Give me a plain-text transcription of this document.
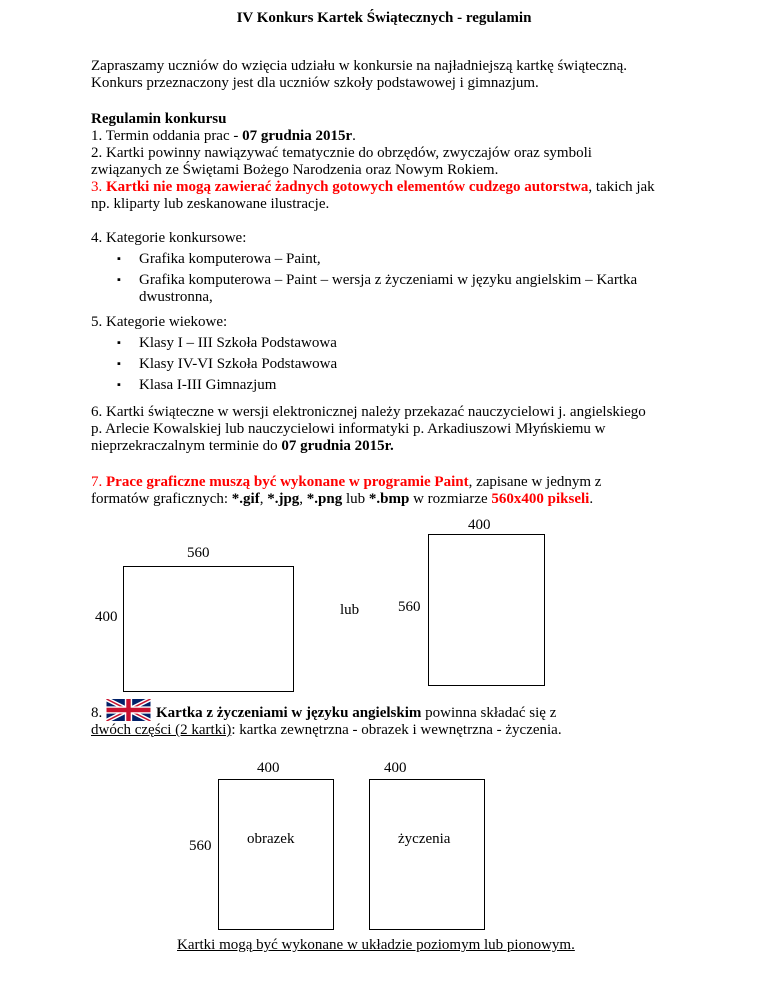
IV Konkurs Kartek Świątecznych - regulamin
Zapraszamy uczniów do wzięcia udziału w konkursie na najładniejszą kartkę świąteczną.
Konkurs przeznaczony jest dla uczniów szkoły podstawowej i gimnazjum.
Regulamin konkursu
1. Termin oddania prac - 07 grudnia 2015r.
2. Kartki powinny nawiązywać tematycznie do obrzędów, zwyczajów oraz symboli
związanych ze Świętami Bożego Narodzenia oraz Nowym Rokiem.
3. Kartki nie mogą zawierać żadnych gotowych elementów cudzego autorstwa, takich jak
np. kliparty lub zeskanowane ilustracje.
4. Kategorie konkursowe:
▪ Grafika komputerowa – Paint,
▪ Grafika komputerowa – Paint – wersja z życzeniami w języku angielskim – Kartka dwustronna,
5. Kategorie wiekowe:
▪ Klasy I – III Szkoła Podstawowa
▪ Klasy IV-VI Szkoła Podstawowa
▪ Klasa I-III Gimnazjum
6. Kartki świąteczne w wersji elektronicznej należy przekazać nauczycielowi j. angielskiego
p. Arlecie Kowalskiej lub nauczycielowi informatyki p. Arkadiuszowi Młyńskiemu w
nieprzekraczalnym terminie do 07 grudnia 2015r.
7. Prace graficzne muszą być wykonane w programie Paint, zapisane w jednym z
formatów graficznych: *.gif, *.jpg, *.png lub *.bmp w rozmiarze 560x400 pikseli.
560
400	lub
400
560
8.	Kartka z życzeniami w języku angielskim powinna składać się z
dwóch części (2 kartki): kartka zewnętrzna - obrazek i wewnętrzna - życzenia.
400	400
560 obrazek	życzenia
Kartki mogą być wykonane w układzie poziomym lub pionowym.
